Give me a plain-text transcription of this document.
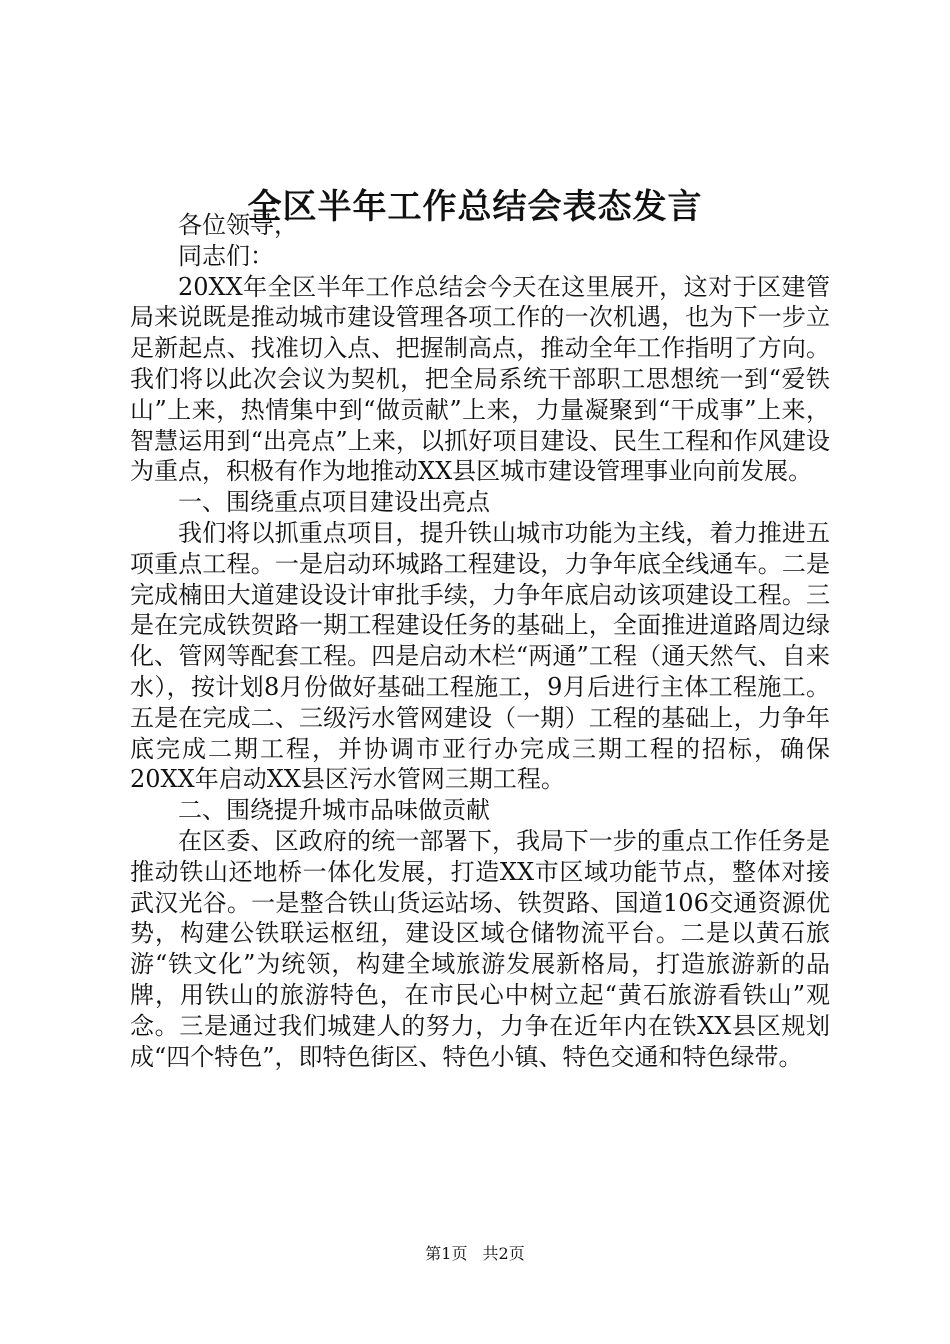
全区半年工作总结会表态发言

各位领导，

同志们：

20XX年全区半年工作总结会今天在这里展开，这对于区建管局来说既是推动城市建设管理各项工作的一次机遇，也为下一步立足新起点、找准切入点、把握制高点，推动全年工作指明了方向。我们将以此次会议为契机，把全局系统干部职工思想统一到“爱铁山”上来，热情集中到“做贡献”上来，力量凝聚到“干成事”上来，智慧运用到“出亮点”上来，以抓好项目建设、民生工程和作风建设为重点，积极有作为地推动XX县区城市建设管理事业向前发展。

一、围绕重点项目建设出亮点

我们将以抓重点项目，提升铁山城市功能为主线，着力推进五项重点工程。一是启动环城路工程建设，力争年底全线通车。二是完成楠田大道建设设计审批手续，力争年底启动该项建设工程。三是在完成铁贺路一期工程建设任务的基础上，全面推进道路周边绿化、管网等配套工程。四是启动木栏“两通”工程（通天然气、自来水），按计划8月份做好基础工程施工，9月后进行主体工程施工。五是在完成二、三级污水管网建设（一期）工程的基础上，力争年底完成二期工程，并协调市亚行办完成三期工程的招标，确保20XX年启动XX县区污水管网三期工程。

二、围绕提升城市品味做贡献

在区委、区政府的统一部署下，我局下一步的重点工作任务是推动铁山还地桥一体化发展，打造XX市区域功能节点，整体对接武汉光谷。一是整合铁山货运站场、铁贺路、国道106交通资源优势，构建公铁联运枢纽，建设区域仓储物流平台。二是以黄石旅游“铁文化”为统领，构建全域旅游发展新格局，打造旅游新的品牌，用铁山的旅游特色，在市民心中树立起“黄石旅游看铁山”观念。三是通过我们城建人的努力，力争在近年内在铁XX县区规划成“四个特色”，即特色街区、特色小镇、特色交通和特色绿带。

第1页 共2页
